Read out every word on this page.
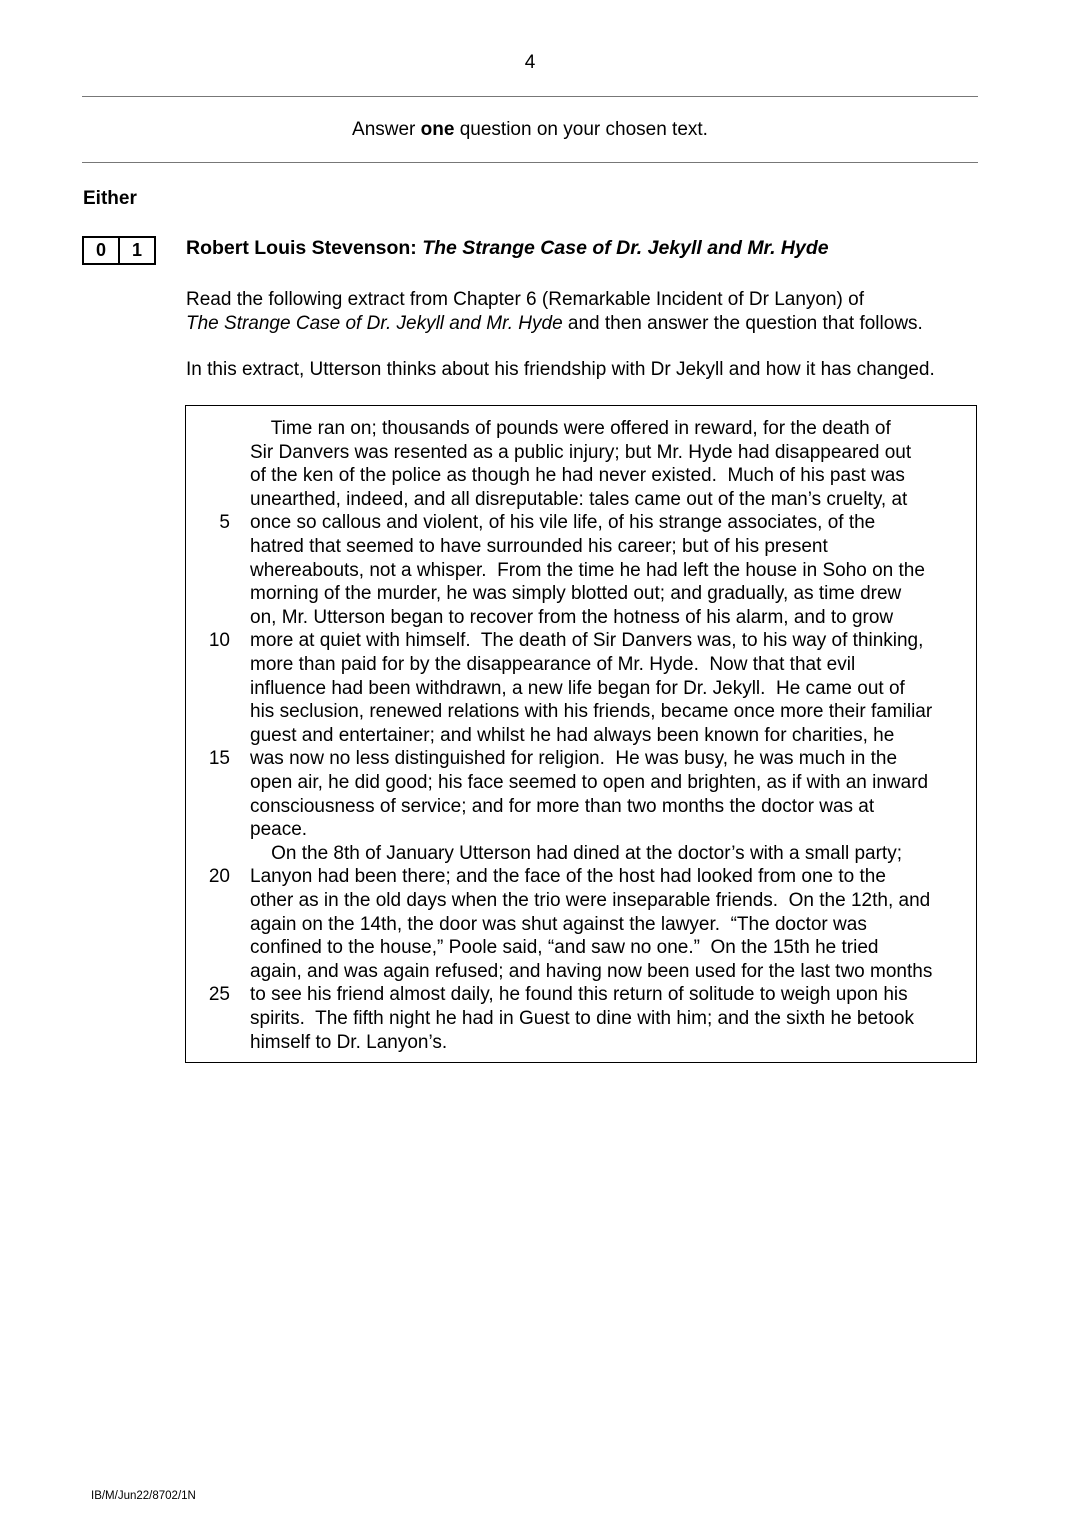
4
Answer one question on your chosen text.
Either
0	1	Robert Louis Stevenson: The Strange Case of Dr. Jekyll and Mr. Hyde
Read the following extract from Chapter 6 (Remarkable Incident of Dr Lanyon) of
The Strange Case of Dr. Jekyll and Mr. Hyde and then answer the question that follows.
In this extract, Utterson thinks about his friendship with Dr Jekyll and how it has changed.
Time ran on; thousands of pounds were offered in reward, for the death of
Sir Danvers was resented as a public injury; but Mr. Hyde had disappeared out
of the ken of the police as though he had never existed.  Much of his past was
unearthed, indeed, and all disreputable: tales came out of the man’s cruelty, at
once so callous and violent, of his vile life, of his strange associates, of the
hatred that seemed to have surrounded his career; but of his present
whereabouts, not a whisper.  From the time he had left the house in Soho on the
morning of the murder, he was simply blotted out; and gradually, as time drew
on, Mr. Utterson began to recover from the hotness of his alarm, and to grow
more at quiet with himself.  The death of Sir Danvers was, to his way of thinking,
more than paid for by the disappearance of Mr. Hyde.  Now that that evil
influence had been withdrawn, a new life began for Dr. Jekyll.  He came out of
his seclusion, renewed relations with his friends, became once more their familiar
guest and entertainer; and whilst he had always been known for charities, he
was now no less distinguished for religion.  He was busy, he was much in the
open air, he did good; his face seemed to open and brighten, as if with an inward
consciousness of service; and for more than two months the doctor was at
peace.
On the 8th of January Utterson had dined at the doctor’s with a small party;
Lanyon had been there; and the face of the host had looked from one to the
other as in the old days when the trio were inseparable friends.  On the 12th, and
again on the 14th, the door was shut against the lawyer.  “The doctor was
confined to the house,” Poole said, “and saw no one.”  On the 15th he tried
again, and was again refused; and having now been used for the last two months
to see his friend almost daily, he found this return of solitude to weigh upon his
spirits.  The fifth night he had in Guest to dine with him; and the sixth he betook
himself to Dr. Lanyon’s.
5
10
15
20
25
IB/M/Jun22/8702/1N
